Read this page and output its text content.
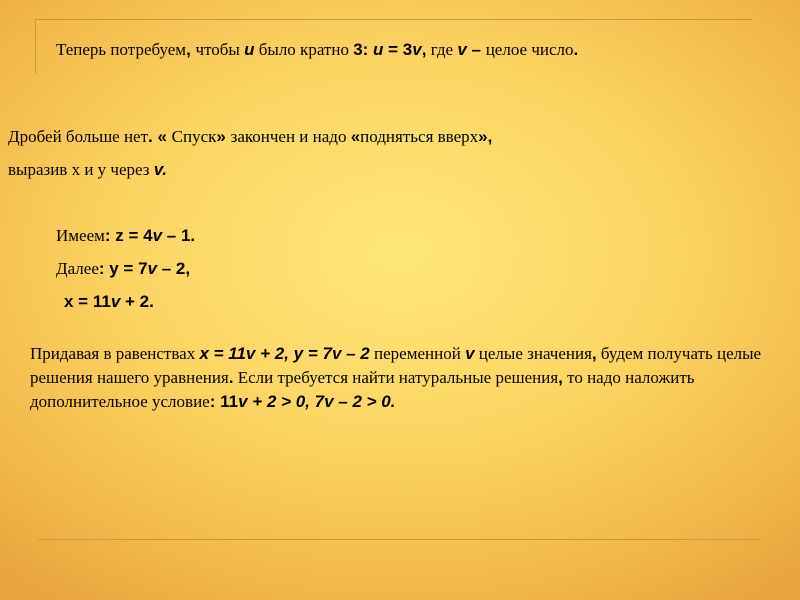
Теперь потребуем, чтобы u было кратно 3: u = 3v, где v – целое число.
Дробей больше нет. « Спуск» закончен и надо «подняться вверх»,
выразив х и у через v.
Имеем: z = 4v – 1.
Далее: y = 7v – 2,
x = 11v + 2.
Придавая в равенствах x = 11v + 2, y = 7v – 2 переменной v целые значения, будем получать целые решения нашего уравнения. Если требуется найти натуральные решения, то надо наложить дополнительное условие: 11v + 2 > 0, 7v – 2 > 0.
